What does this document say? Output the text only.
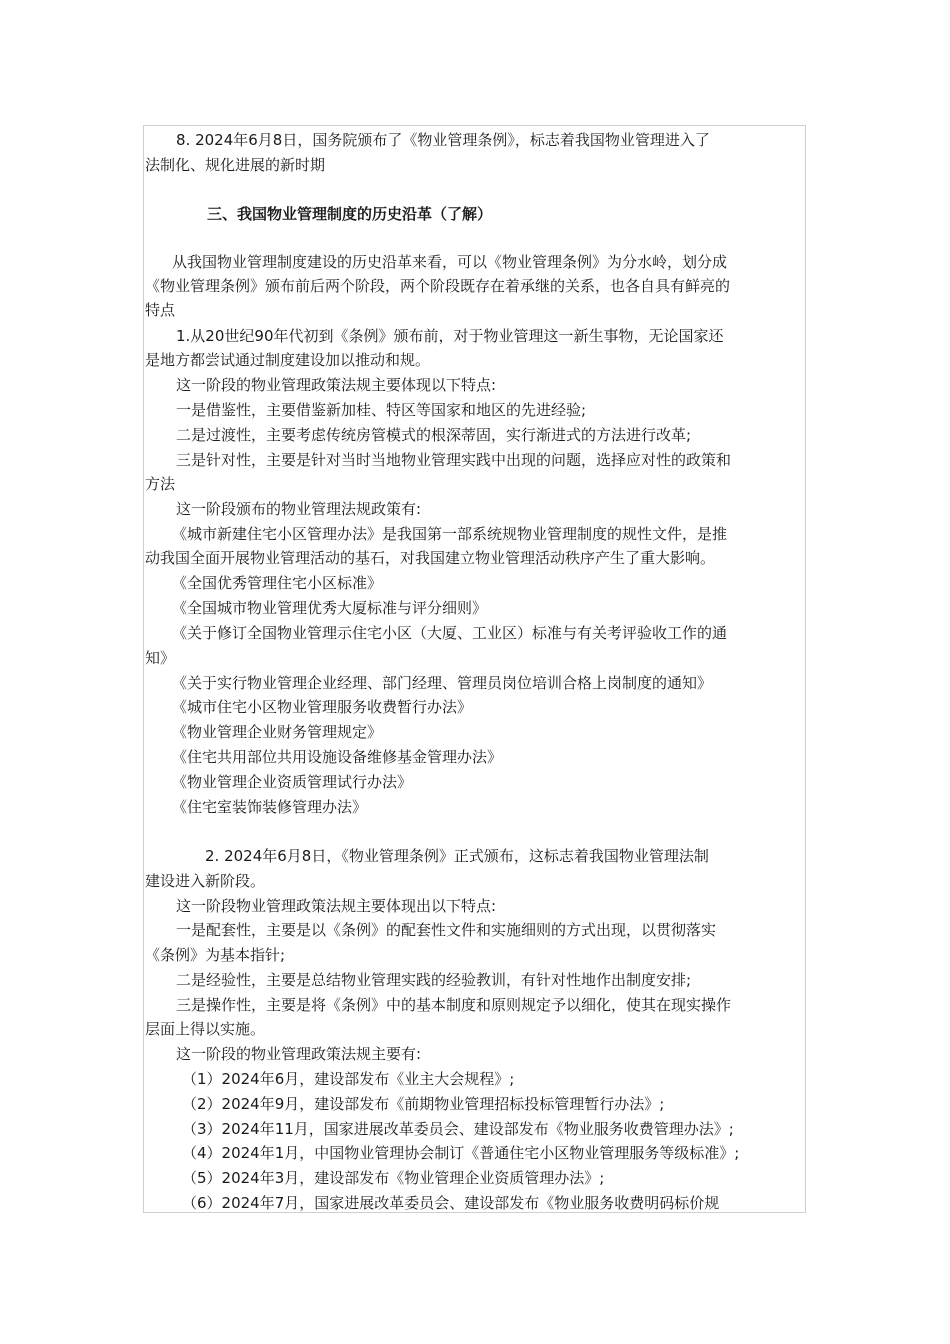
8. 2024年6月8日，国务院颁布了《物业管理条例》，标志着我国物业管理进入了
法制化、规化进展的新时期
三、我国物业管理制度的历史沿革（了解）
从我国物业管理制度建设的历史沿革来看，可以《物业管理条例》为分水岭，划分成
《物业管理条例》颁布前后两个阶段，两个阶段既存在着承继的关系，也各自具有鲜亮的
特点
1.从20世纪90年代初到《条例》颁布前，对于物业管理这一新生事物，无论国家还
是地方都尝试通过制度建设加以推动和规。
这一阶段的物业管理政策法规主要体现以下特点:
一是借鉴性，主要借鉴新加桂、特区等国家和地区的先进经验;
二是过渡性，主要考虑传统房管模式的根深蒂固，实行渐进式的方法进行改革;
三是针对性，主要是针对当时当地物业管理实践中出现的问题，选择应对性的政策和
方法
这一阶段颁布的物业管理法规政策有:
《城市新建住宅小区管理办法》是我国第一部系统规物业管理制度的规性文件，是推
动我国全面开展物业管理活动的基石，对我国建立物业管理活动秩序产生了重大影响。
《全国优秀管理住宅小区标准》
《全国城市物业管理优秀大厦标准与评分细则》
《关于修订全国物业管理示住宅小区（大厦、工业区）标准与有关考评验收工作的通
知》
《关于实行物业管理企业经理、部门经理、管理员岗位培训合格上岗制度的通知》
《城市住宅小区物业管理服务收费暂行办法》
《物业管理企业财务管理规定》
《住宅共用部位共用设施设备维修基金管理办法》
《物业管理企业资质管理试行办法》
《住宅室装饰装修管理办法》
2. 2024年6月8日，《物业管理条例》正式颁布，这标志着我国物业管理法制
建设进入新阶段。
这一阶段物业管理政策法规主要体现出以下特点:
一是配套性，主要是以《条例》的配套性文件和实施细则的方式出现，以贯彻落实
《条例》为基本指针;
二是经验性，主要是总结物业管理实践的经验教训，有针对性地作出制度安排;
三是操作性，主要是将《条例》中的基本制度和原则规定予以细化，使其在现实操作
层面上得以实施。
这一阶段的物业管理政策法规主要有:
（1）2024年6月，建设部发布《业主大会规程》;
（2）2024年9月，建设部发布《前期物业管理招标投标管理暂行办法》;
（3）2024年11月，国家进展改革委员会、建设部发布《物业服务收费管理办法》;
（4）2024年1月，中国物业管理协会制订《普通住宅小区物业管理服务等级标准》;
（5）2024年3月，建设部发布《物业管理企业资质管理办法》;
（6）2024年7月，国家进展改革委员会、建设部发布《物业服务收费明码标价规
